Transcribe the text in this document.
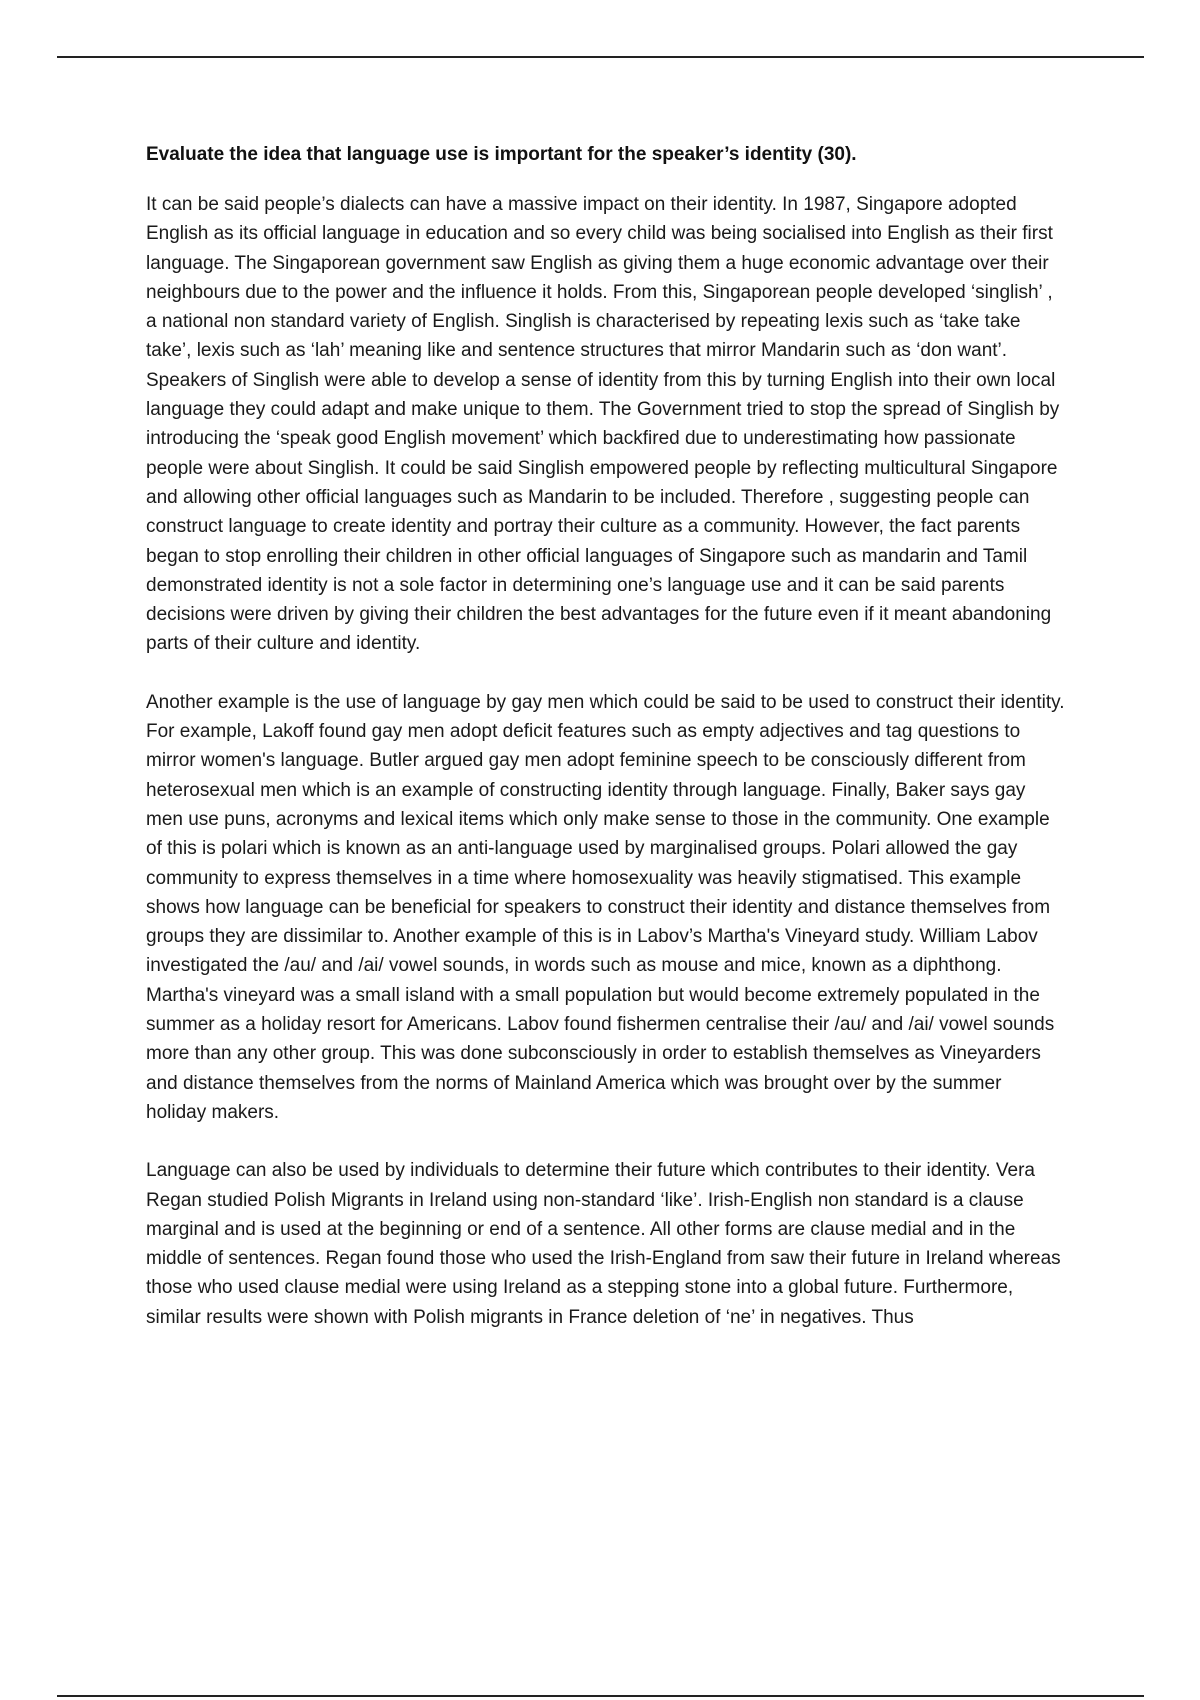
Evaluate the idea that language use is important for the speaker’s identity (30).

It can be said people’s dialects can have a massive impact on their identity. In 1987, Singapore adopted English as its official language in education and so every child was being socialised into English as their first language. The Singaporean government saw English as giving them a huge economic advantage over their neighbours due to the power and the influence it holds. From this, Singaporean people developed ‘singlish’ , a national non standard variety of English. Singlish is characterised by repeating lexis such as ‘take take take’, lexis such as ‘lah’ meaning like and sentence structures that mirror Mandarin such as ‘don want’. Speakers of Singlish were able to develop a sense of identity from this by turning English into their own local language they could adapt and make unique to them. The Government tried to stop the spread of Singlish by introducing the ‘speak good English movement’ which backfired due to underestimating how passionate people were about Singlish. It could be said Singlish empowered people by reflecting multicultural Singapore and allowing other official languages such as Mandarin to be included. Therefore , suggesting people can construct language to create identity and portray their culture as a community. However, the fact parents began to stop enrolling their children in other official languages of Singapore such as mandarin and Tamil demonstrated identity is not a sole factor in determining one’s language use and it can be said parents decisions were driven by giving their children the best advantages for the future even if it meant abandoning parts of their culture and identity.

Another example is the use of language by gay men which could be said to be used to construct their identity. For example, Lakoff found gay men adopt deficit features such as empty adjectives and tag questions to mirror women's language. Butler argued gay men adopt feminine speech to be consciously different from heterosexual men which is an example of constructing identity through language. Finally, Baker says gay men use puns, acronyms and lexical items which only make sense to those in the community. One example of this is polari which is known as an anti-language used by marginalised groups. Polari allowed the gay community to express themselves in a time where homosexuality was heavily stigmatised. This example shows how language can be beneficial for speakers to construct their identity and distance themselves from groups they are dissimilar to. Another example of this is in Labov’s Martha's Vineyard study. William Labov investigated the /au/ and /ai/ vowel sounds, in words such as mouse and mice, known as a diphthong. Martha's vineyard was a small island with a small population but would become extremely populated in the summer as a holiday resort for Americans. Labov found fishermen centralise their /au/ and /ai/ vowel sounds more than any other group. This was done subconsciously in order to establish themselves as Vineyarders and distance themselves from the norms of Mainland America which was brought over by the summer holiday makers.

Language can also be used by individuals to determine their future which contributes to their identity. Vera Regan studied Polish Migrants in Ireland using non-standard ‘like’. Irish-English non standard is a clause marginal and is used at the beginning or end of a sentence. All other forms are clause medial and in the middle of sentences. Regan found those who used the Irish-England from saw their future in Ireland whereas those who used clause medial were using Ireland as a stepping stone into a global future. Furthermore, similar results were shown with Polish migrants in France deletion of ‘ne’ in negatives. Thus
